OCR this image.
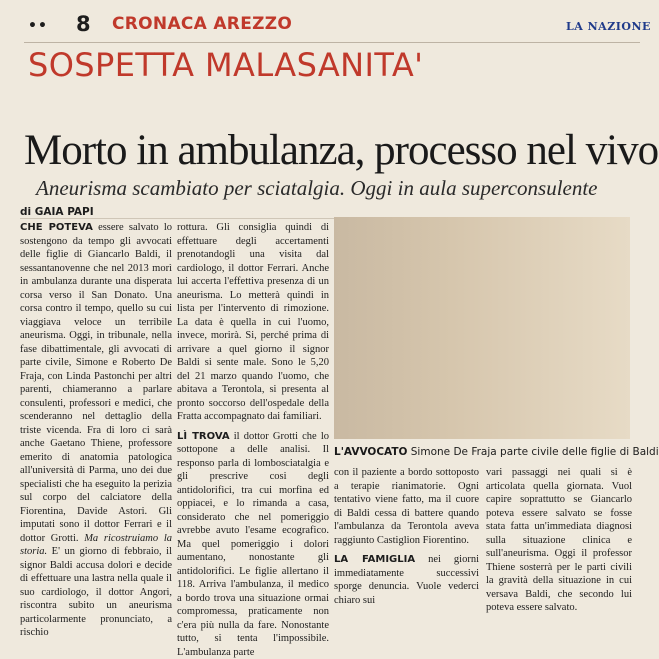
•• 8 CRONACA AREZZO	LA NAZIONE
SOSPETTA MALASANITA'
Morto in ambulanza, processo nel vivo
Aneurisma scambiato per sciatalgia. Oggi in aula superconsulente
di GAIA PAPI

CHE POTEVA essere salvato lo sostengono da tempo gli avvocati delle figlie di Giancarlo Baldi, il sessantanovenne che nel 2013 morì in ambulanza durante una disperata corsa verso il San Donato. Una corsa contro il tempo, quello su cui viaggiava veloce un terribile aneurisma. Oggi, in tribunale, nella fase dibattimentale, gli avvocati di parte civile, Simone e Roberto De Fraja, con Linda Pastonchi per altri parenti, chiameranno a parlare consulenti, professori e medici, che scenderanno nel dettaglio della triste vicenda. Fra di loro ci sarà anche Gaetano Thiene, professore emerito di anatomia patologica all'università di Parma, uno dei due specialisti che ha eseguito la perizia sul corpo del calciatore della Fiorentina, Davide Astori. Gli imputati sono il dottor Ferrari e il dottor Grotti. Ma ricostruiamo la storia. E' un giorno di febbraio, il signor Baldi accusa dolori e decide di effettuare una lastra nella quale il suo cardiologo, il dottor Angori, riscontra subito un aneurisma particolarmente pronunciato, a rischio

rottura. Gli consiglia quindi di effettuare degli accertamenti prenotandogli una visita dal cardiologo, il dottor Ferrari. Anche lui accerta l'effettiva presenza di un aneurisma. Lo metterà quindi in lista per l'intervento di rimozione. La data è quella in cui l'uomo, invece, morirà. Si, perché prima di arrivare a quel giorno il signor Baldi si sente male. Sono le 5,20 del 21 marzo quando l'uomo, che abitava a Terontola, si presenta al pronto soccorso dell'ospedale della Fratta accompagnato dai familiari.

LÌ TROVA il dottor Grotti che lo sottopone a delle analisi. Il responso parla di lombosciatalgia e gli prescrive cosi degli antidolorifici, tra cui morfina ed oppiacei, e lo rimanda a casa, considerato che nel pomeriggio avrebbe avuto l'esame ecografico. Ma quel pomeriggio i dolori aumentano, nonostante gli antidolorifici. Le figlie allertano il 118. Arriva l'ambulanza, il medico a bordo trova una situazione ormai compromessa, praticamente non c'era più nulla da fare. Nonostante tutto, si tenta l'impossibile. L'ambulanza parte

L'AVVOCATO Simone De Fraja parte civile delle figlie di Baldi

con il paziente a bordo sottoposto a terapie rianimatorie. Ogni tentativo viene fatto, ma il cuore di Baldi cessa di battere quando l'ambulanza da Terontola aveva raggiunto Castiglion Fiorentino.

LA FAMIGLIA nei giorni immediatamente successivi sporge denuncia. Vuole vederci chiaro sui

vari passaggi nei quali si è articolata quella giornata. Vuol capire soprattutto se Giancarlo poteva essere salvato se fosse stata fatta un'immediata diagnosi sulla situazione clinica e sull'aneurisma. Oggi il professor Thiene sosterrà per le parti civili la gravità della situazione in cui versava Baldi, che secondo lui poteva essere salvato.
